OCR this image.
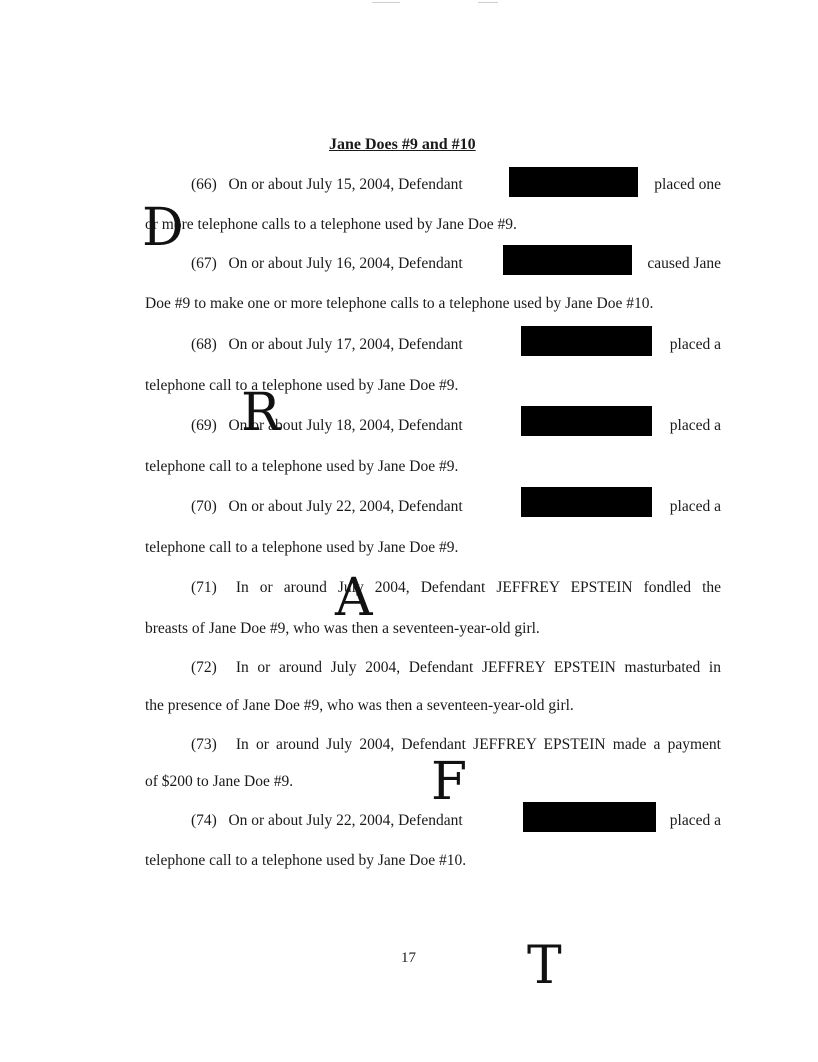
Jane Does #9 and #10
(66) On or about July 15, 2004, Defendant	placed one
or more telephone calls to a telephone used by Jane Doe #9.
(67) On or about July 16, 2004, Defendant	caused Jane
Doe #9 to make one or more telephone calls to a telephone used by Jane Doe #10.
(68) On or about July 17, 2004, Defendant	placed a
telephone call to a telephone used by Jane Doe #9.
(69) On or about July 18, 2004, Defendant	placed a
telephone call to a telephone used by Jane Doe #9.
(70) On or about July 22, 2004, Defendant	placed a
telephone call to a telephone used by Jane Doe #9.
(71) In or around July 2004, Defendant JEFFREY EPSTEIN fondled the
breasts of Jane Doe #9, who was then a seventeen-year-old girl.
(72) In or around July 2004, Defendant JEFFREY EPSTEIN masturbated in
the presence of Jane Doe #9, who was then a seventeen-year-old girl.
(73) In or around July 2004, Defendant JEFFREY EPSTEIN made a payment
of $200 to Jane Doe #9.
(74) On or about July 22, 2004, Defendant	placed a
telephone call to a telephone used by Jane Doe #10.
17
D
R
A
F
T
